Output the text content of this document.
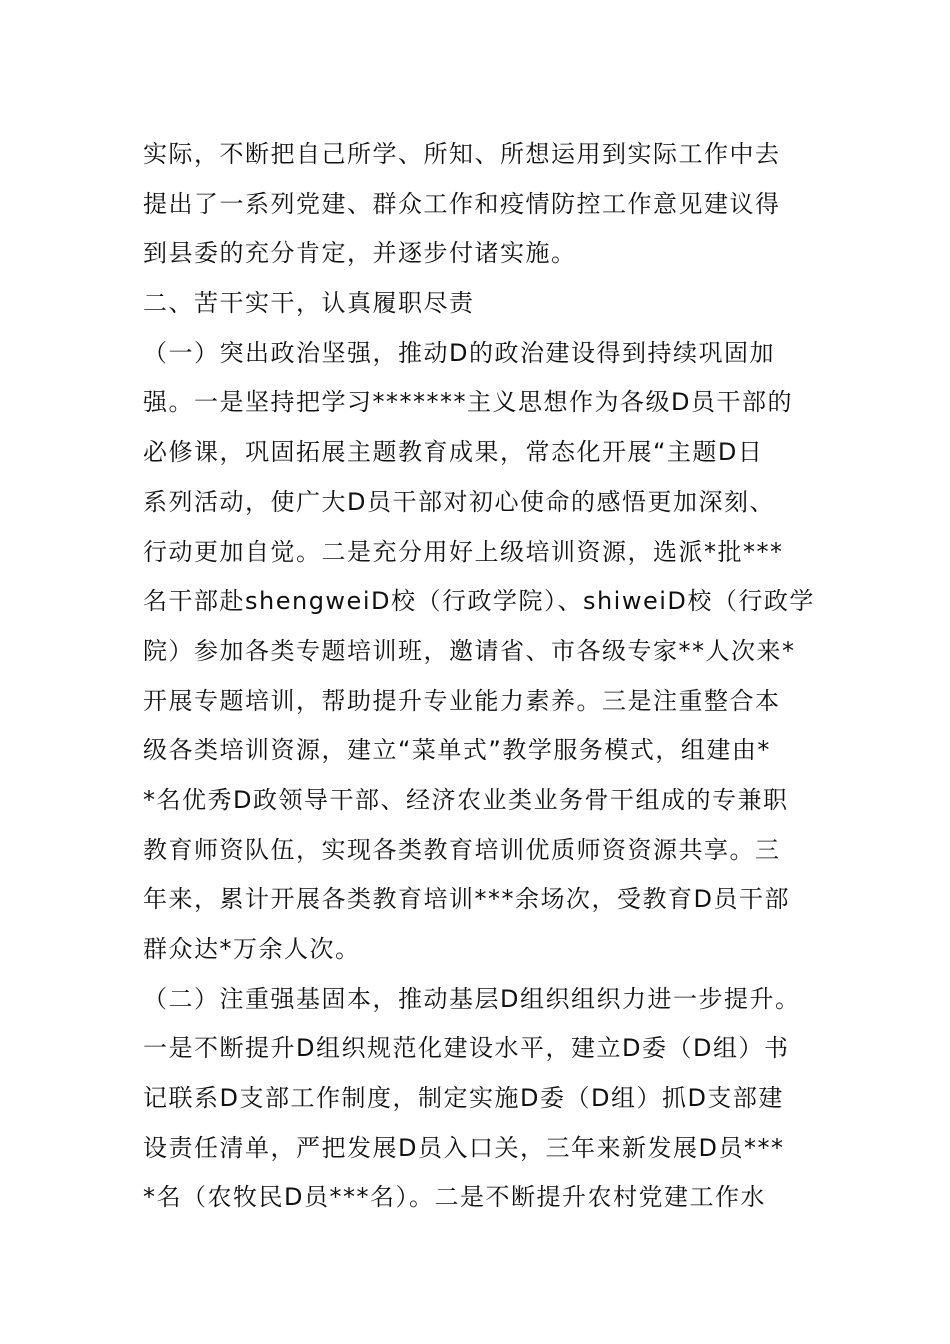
实际，不断把自己所学、所知、所想运用到实际工作中去
提出了一系列党建、群众工作和疫情防控工作意见建议得
到县委的充分肯定，并逐步付诸实施。
二、苦干实干，认真履职尽责
（一）突出政治坚强，推动D的政治建设得到持续巩固加
强。一是坚持把学习*******主义思想作为各级D员干部的
必修课，巩固拓展主题教育成果，常态化开展“主题D日
系列活动，使广大D员干部对初心使命的感悟更加深刻、
行动更加自觉。二是充分用好上级培训资源，选派*批***
名干部赴shengweiD校（行政学院）、shiweiD校（行政学
院）参加各类专题培训班，邀请省、市各级专家**人次来*
开展专题培训，帮助提升专业能力素养。三是注重整合本
级各类培训资源，建立“菜单式”教学服务模式，组建由*
*名优秀D政领导干部、经济农业类业务骨干组成的专兼职
教育师资队伍，实现各类教育培训优质师资资源共享。三
年来，累计开展各类教育培训***余场次，受教育D员干部
群众达*万余人次。
（二）注重强基固本，推动基层D组织组织力进一步提升。
一是不断提升D组织规范化建设水平，建立D委（D组）书
记联系D支部工作制度，制定实施D委（D组）抓D支部建
设责任清单，严把发展D员入口关，三年来新发展D员***
*名（农牧民D员***名）。二是不断提升农村党建工作水
